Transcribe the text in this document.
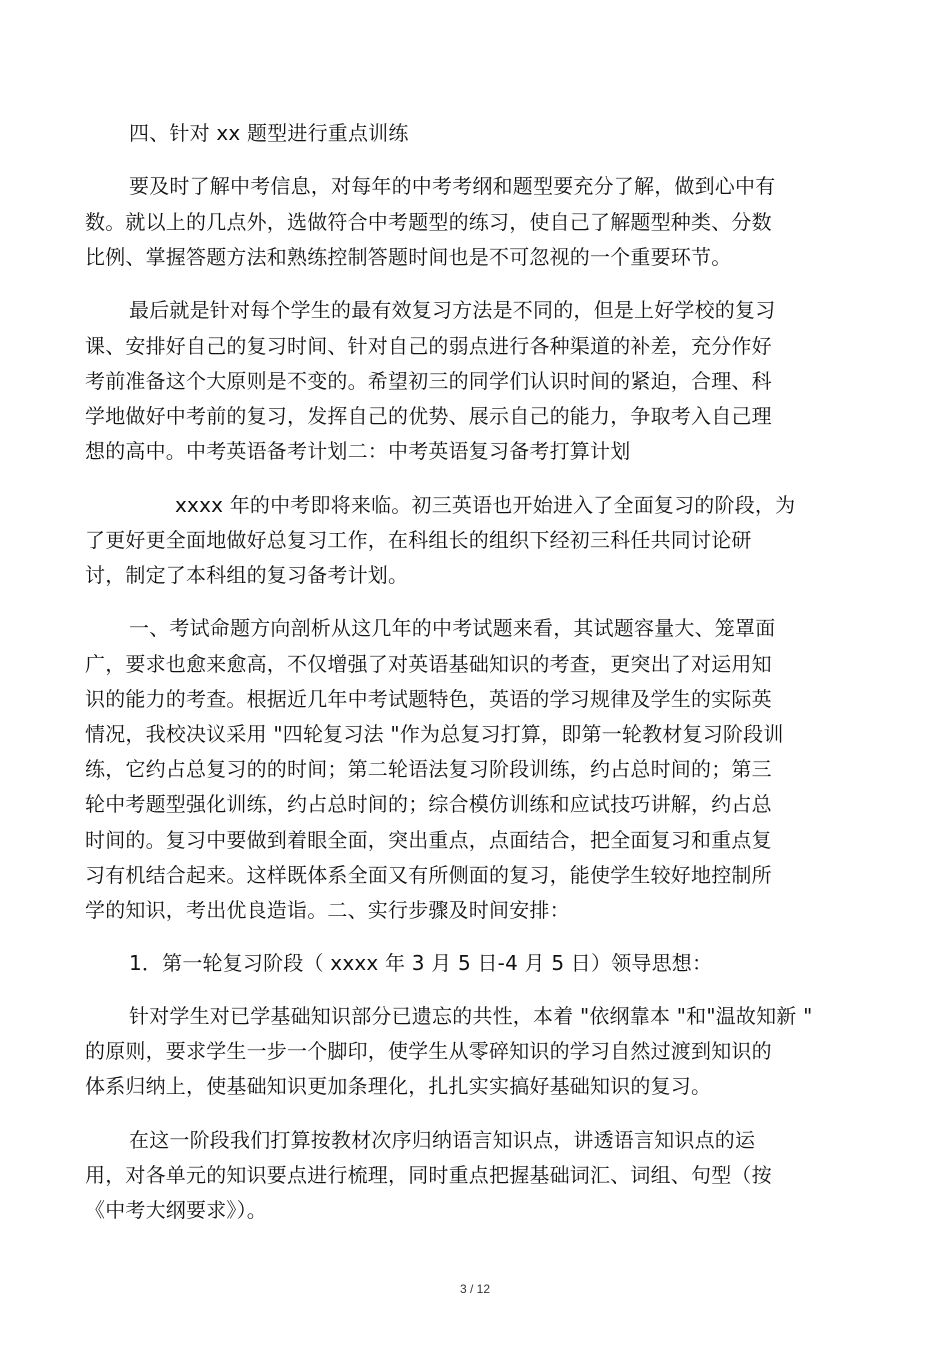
四、针对 xx 题型进行重点训练
要及时了解中考信息，对每年的中考考纲和题型要充分了解，做到心中有
数。就以上的几点外，选做符合中考题型的练习，使自己了解题型种类、分数
比例、掌握答题方法和熟练控制答题时间也是不可忽视的一个重要环节。
最后就是针对每个学生的最有效复习方法是不同的，但是上好学校的复习
课、安排好自己的复习时间、针对自己的弱点进行各种渠道的补差，充分作好
考前准备这个大原则是不变的。希望初三的同学们认识时间的紧迫，合理、科
学地做好中考前的复习，发挥自己的优势、展示自己的能力，争取考入自己理
想的高中。中考英语备考计划二：中考英语复习备考打算计划
xxxx 年的中考即将来临。初三英语也开始进入了全面复习的阶段，为
了更好更全面地做好总复习工作，在科组长的组织下经初三科任共同讨论研
讨，制定了本科组的复习备考计划。
一、考试命题方向剖析从这几年的中考试题来看，其试题容量大、笼罩面
广，要求也愈来愈高，不仅增强了对英语基础知识的考查，更突出了对运用知
识的能力的考查。根据近几年中考试题特色，英语的学习规律及学生的实际英
情况，我校决议采用 "四轮复习法 "作为总复习打算，即第一轮教材复习阶段训
练，它约占总复习的的时间；第二轮语法复习阶段训练，约占总时间的；第三
轮中考题型强化训练，约占总时间的；综合模仿训练和应试技巧讲解，约占总
时间的。复习中要做到着眼全面，突出重点，点面结合，把全面复习和重点复
习有机结合起来。这样既体系全面又有所侧面的复习，能使学生较好地控制所
学的知识，考出优良造诣。二、实行步骤及时间安排：
1．第一轮复习阶段（ xxxx 年 3 月 5 日-4 月 5 日）领导思想：
针对学生对已学基础知识部分已遗忘的共性，本着 "依纲靠本 "和"温故知新 "
的原则，要求学生一步一个脚印，使学生从零碎知识的学习自然过渡到知识的
体系归纳上，使基础知识更加条理化，扎扎实实搞好基础知识的复习。
在这一阶段我们打算按教材次序归纳语言知识点，讲透语言知识点的运
用，对各单元的知识要点进行梳理，同时重点把握基础词汇、词组、句型（按
《中考大纲要求》）。
3 / 12
